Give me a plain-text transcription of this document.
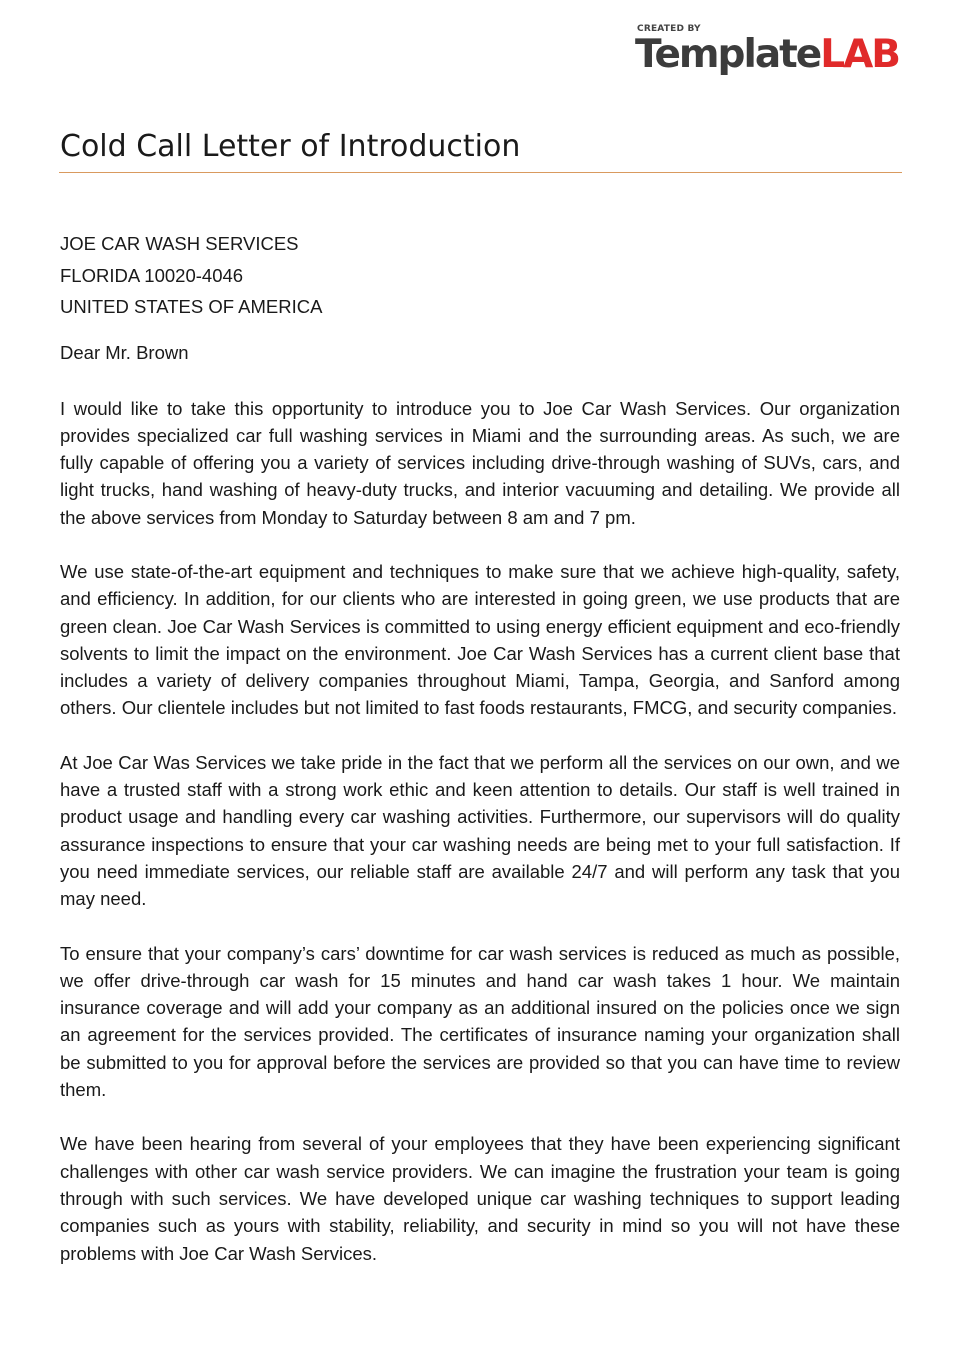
CREATED BY
TemplateLAB
Cold Call Letter of Introduction
JOE CAR WASH SERVICES
FLORIDA 10020-4046
UNITED STATES OF AMERICA
Dear Mr. Brown

I would like to take this opportunity to introduce you to Joe Car Wash Services. Our organization provides specialized car full washing services in Miami and the surrounding areas. As such, we are fully capable of offering you a variety of services including drive-through washing of SUVs, cars, and light trucks, hand washing of heavy-duty trucks, and interior vacuuming and detailing. We provide all the above services from Monday to Saturday between 8 am and 7 pm.

We use state-of-the-art equipment and techniques to make sure that we achieve high-quality, safety, and efficiency. In addition, for our clients who are interested in going green, we use products that are green clean. Joe Car Wash Services is committed to using energy efficient equipment and eco-friendly solvents to limit the impact on the environment. Joe Car Wash Services has a current client base that includes a variety of delivery companies throughout Miami, Tampa, Georgia, and Sanford among others. Our clientele includes but not limited to fast foods restaurants, FMCG, and security companies.

At Joe Car Was Services we take pride in the fact that we perform all the services on our own, and we have a trusted staff with a strong work ethic and keen attention to details. Our staff is well trained in product usage and handling every car washing activities. Furthermore, our supervisors will do quality assurance inspections to ensure that your car washing needs are being met to your full satisfaction. If you need immediate services, our reliable staff are available 24/7 and will perform any task that you may need.

To ensure that your company’s cars’ downtime for car wash services is reduced as much as possible, we offer drive-through car wash for 15 minutes and hand car wash takes 1 hour. We maintain insurance coverage and will add your company as an additional insured on the policies once we sign an agreement for the services provided. The certificates of insurance naming your organization shall be submitted to you for approval before the services are provided so that you can have time to review them.

We have been hearing from several of your employees that they have been experiencing significant challenges with other car wash service providers. We can imagine the frustration your team is going through with such services. We have developed unique car washing techniques to support leading companies such as yours with stability, reliability, and security in mind so you will not have these problems with Joe Car Wash Services.
